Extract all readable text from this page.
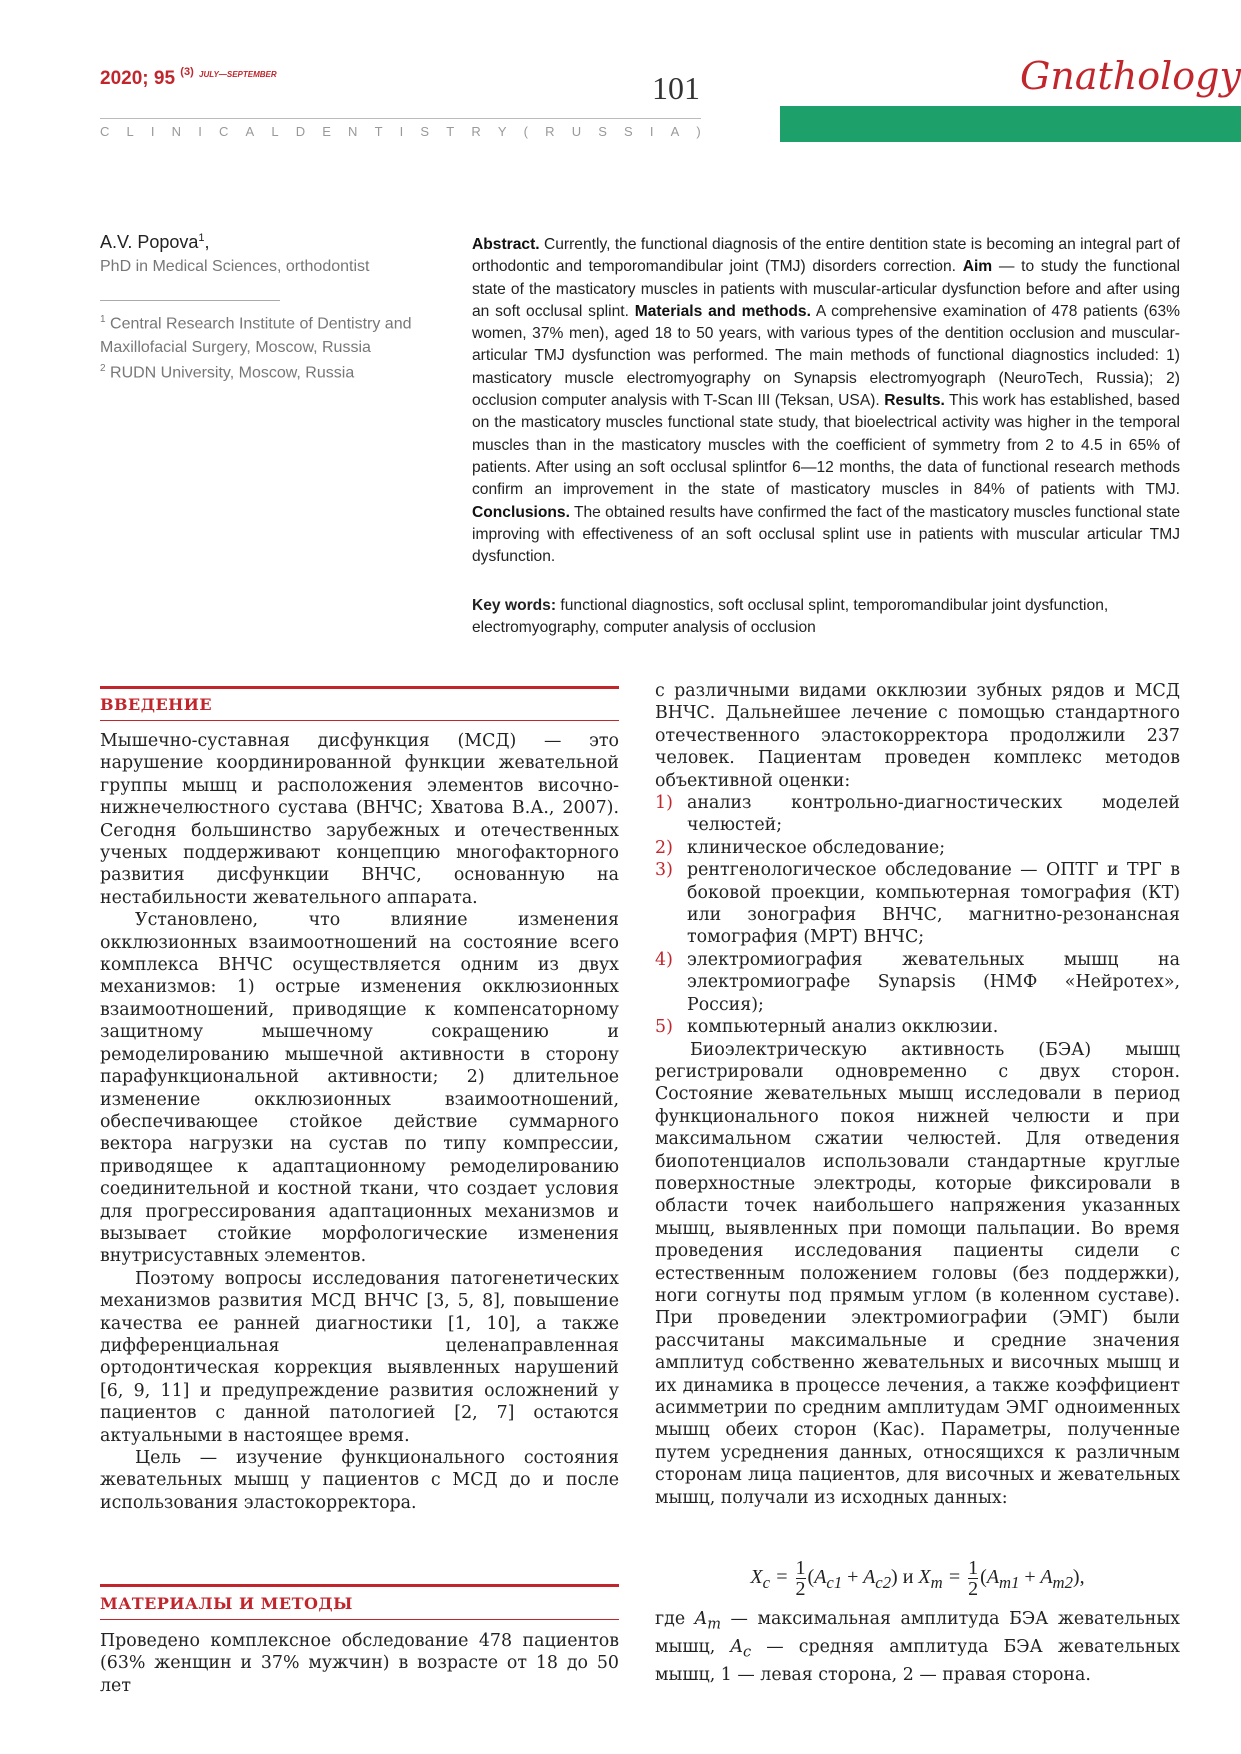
2020; 95 $^{(3)}$ $^{JULY—SEPTEMBER}$	101
C L I N I C A L D E N T I S T R Y ( R U S S I A )
Gnathology
A.V. Popova$^1$,
PhD in Medical Sciences, orthodontist
$^1$ Central Research Institute of Dentistry and Maxillofacial Surgery, Moscow, Russia
$^2$ RUDN University, Moscow, Russia
Abstract. Currently, the functional diagnosis of the entire dentition state is becoming an integral part of orthodontic and temporomandibular joint (TMJ) disorders correction. Aim — to study the functional state of the masticatory muscles in patients with muscular-articular dysfunction before and after using an soft occlusal splint. Materials and methods. A comprehensive examination of 478 patients (63% women, 37% men), aged 18 to 50 years, with various types of the dentition occlusion and muscular-articular TMJ dysfunction was performed. The main methods of functional diagnostics included: 1) masticatory muscle electromyography on Synapsis electromyograph (NeuroTech, Russia); 2) occlusion computer analysis with T-Scan III (Teksan, USA). Results. This work has established, based on the masticatory muscles functional state study, that bioelectrical activity was higher in the temporal muscles than in the masticatory muscles with the coefficient of symmetry from 2 to 4.5 in 65% of patients. After using an soft occlusal splintfor 6—12 months, the data of functional research methods confirm an improvement in the state of masticatory muscles in 84% of patients with TMJ. Conclusions. The obtained results have confirmed the fact of the masticatory muscles functional state improving with effectiveness of an soft occlusal splint use in patients with muscular articular TMJ dysfunction.
Key words: functional diagnostics, soft occlusal splint, temporomandibular joint dysfunction, electromyography, computer analysis of occlusion
ВВЕДЕНИЕ

Мышечно-суставная дисфункция (МСД) — это нарушение координированной функции жевательной группы мышц и расположения элементов височно-нижнечелюстного сустава (ВНЧС; Хватова В.А., 2007). Сегодня большинство зарубежных и отечественных ученых поддерживают концепцию многофакторного развития дисфункции ВНЧС, основанную на нестабильности жевательного аппарата.

Установлено, что влияние изменения окклюзионных взаимоотношений на состояние всего комплекса ВНЧС осуществляется одним из двух механизмов: 1) острые изменения окклюзионных взаимоотношений, приводящие к компенсаторному защитному мышечному сокращению и ремоделированию мышечной активности в сторону парафункциональной активности; 2) длительное изменение окклюзионных взаимоотношений, обеспечивающее стойкое действие суммарного вектора нагрузки на сустав по типу компрессии, приводящее к адаптационному ремоделированию соединительной и костной ткани, что создает условия для прогрессирования адаптационных механизмов и вызывает стойкие морфологические изменения внутрисуставных элементов.

Поэтому вопросы исследования патогенетических механизмов развития МСД ВНЧС [3, 5, 8], повышение качества ее ранней диагностики [1, 10], а также дифференциальная целенаправленная ортодонтическая коррекция выявленных нарушений [6, 9, 11] и предупреждение развития осложнений у пациентов с данной патологией [2, 7] остаются актуальными в настоящее время.

Цель — изучение функционального состояния жевательных мышц у пациентов с МСД до и после использования эластокорректора.

МАТЕРИАЛЫ И МЕТОДЫ

Проведено комплексное обследование 478 пациентов (63% женщин и 37% мужчин) в возрасте от 18 до 50 лет

с различными видами окклюзии зубных рядов и МСД ВНЧС. Дальнейшее лечение с помощью стандартного отечественного эластокорректора продолжили 237 человек. Пациентам проведен комплекс методов объективной оценки:

1) анализ контрольно-диагностических моделей челюстей;
2) клиническое обследование;
3) рентгенологическое обследование — ОПТГ и ТРГ в боковой проекции, компьютерная томография (КТ) или зонография ВНЧС, магнитно-резонансная томография (МРТ) ВНЧС;
4) электромиография жевательных мышц на электромиографе Synapsis (НМФ «Нейротех», Россия);
5) компьютерный анализ окклюзии.

Биоэлектрическую активность (БЭА) мышц регистрировали одновременно с двух сторон. Состояние жевательных мышц исследовали в период функционального покоя нижней челюсти и при максимальном сжатии челюстей. Для отведения биопотенциалов использовали стандартные круглые поверхностные электроды, которые фиксировали в области точек наибольшего напряжения указанных мышц, выявленных при помощи пальпации. Во время проведения исследования пациенты сидели с естественным положением головы (без поддержки), ноги согнуты под прямым углом (в коленном суставе). При проведении электромиографии (ЭМГ) были рассчитаны максимальные и средние значения амплитуд собственно жевательных и височных мышц и их динамика в процессе лечения, а также коэффициент асимметрии по средним амплитудам ЭМГ одноименных мышц обеих сторон (Кас). Параметры, полученные путем усреднения данных, относящихся к различным сторонам лица пациентов, для височных и жевательных мышц, получали из исходных данных:

$X_c = \frac{1}{2} (A_{c1} + A_{c2})$ и $X_m = \frac{1}{2} (A_{m1} + A_{m2})$,

где $A_m$ — максимальная амплитуда БЭА жевательных мышц, $A_c$ — средняя амплитуда БЭА жевательных мышц, 1 — левая сторона, 2 — правая сторона.
